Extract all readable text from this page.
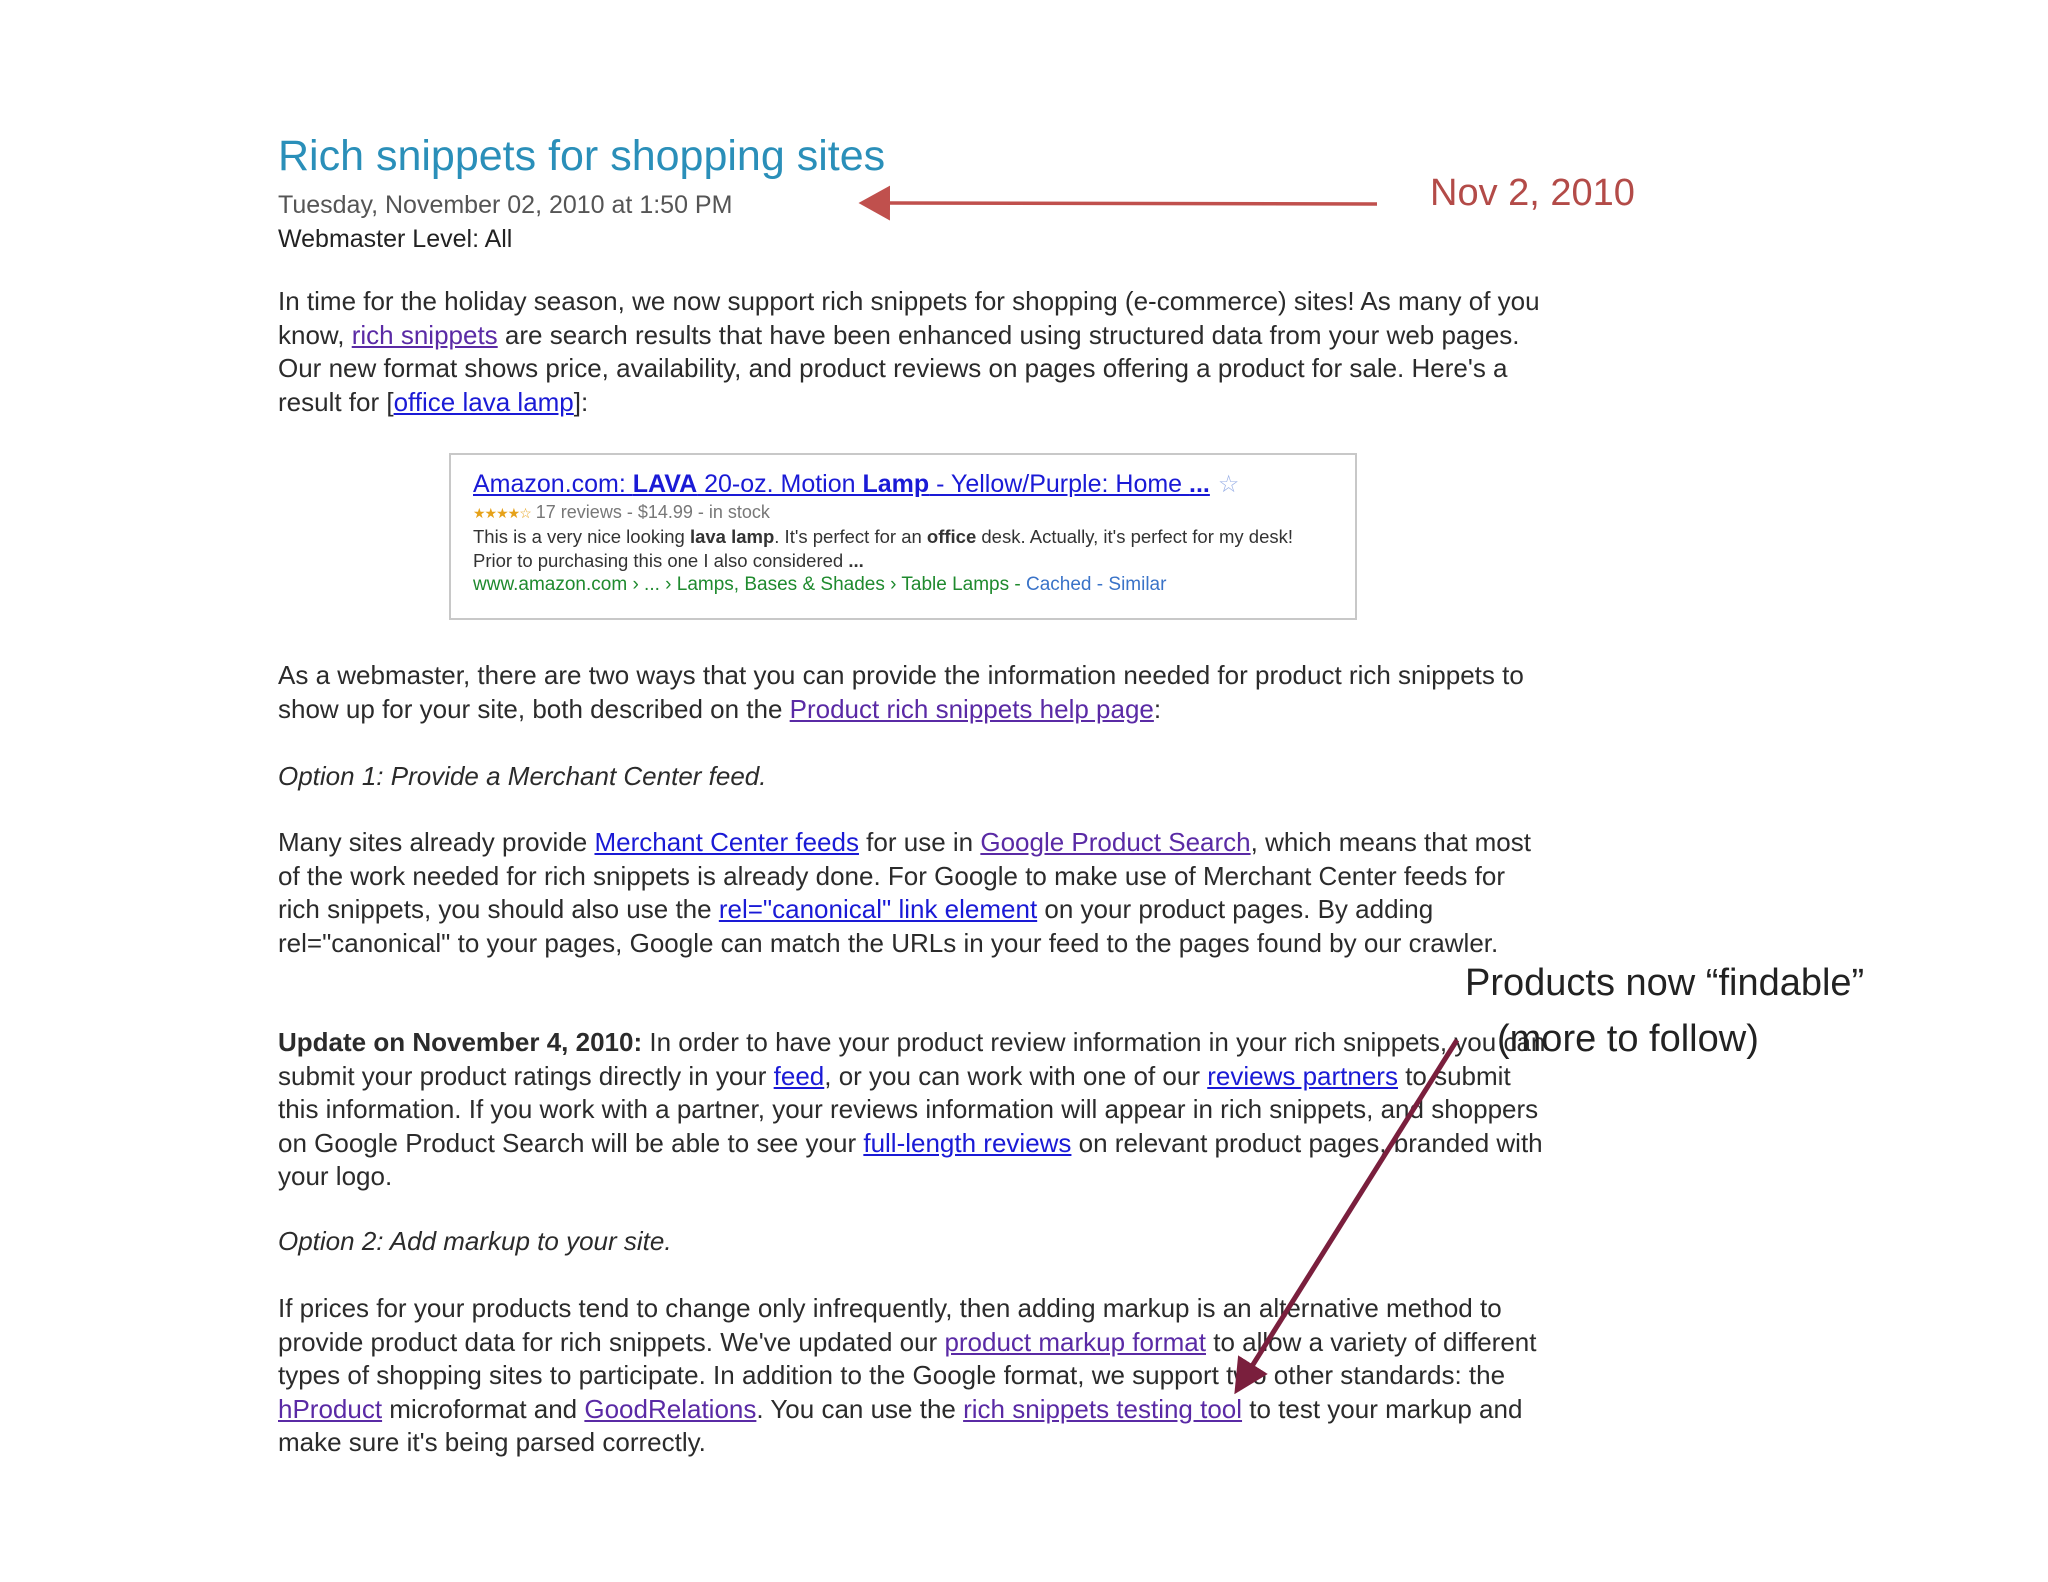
Rich snippets for shopping sites
Tuesday, November 02, 2010 at 1:50 PM
Webmaster Level: All
In time for the holiday season, we now support rich snippets for shopping (e-commerce) sites! As many of you know, rich snippets are search results that have been enhanced using structured data from your web pages. Our new format shows price, availability, and product reviews on pages offering a product for sale. Here's a result for [office lava lamp]:
Amazon.com: LAVA 20-oz. Motion Lamp - Yellow/Purple: Home ... ☆
★★★★☆ 17 reviews - $14.99 - in stock
This is a very nice looking lava lamp. It's perfect for an office desk. Actually, it's perfect for my desk! Prior to purchasing this one I also considered ...
www.amazon.com › ... › Lamps, Bases & Shades › Table Lamps - Cached - Similar
As a webmaster, there are two ways that you can provide the information needed for product rich snippets to show up for your site, both described on the Product rich snippets help page:
Option 1: Provide a Merchant Center feed.
Many sites already provide Merchant Center feeds for use in Google Product Search, which means that most of the work needed for rich snippets is already done. For Google to make use of Merchant Center feeds for rich snippets, you should also use the rel="canonical" link element on your product pages. By adding rel="canonical" to your pages, Google can match the URLs in your feed to the pages found by our crawler.
Update on November 4, 2010: In order to have your product review information in your rich snippets, you can submit your product ratings directly in your feed, or you can work with one of our reviews partners to submit this information. If you work with a partner, your reviews information will appear in rich snippets, and shoppers on Google Product Search will be able to see your full-length reviews on relevant product pages, branded with your logo.
Option 2: Add markup to your site.
If prices for your products tend to change only infrequently, then adding markup is an alternative method to provide product data for rich snippets. We've updated our product markup format to allow a variety of different types of shopping sites to participate. In addition to the Google format, we support two other standards: the hProduct microformat and GoodRelations. You can use the rich snippets testing tool to test your markup and make sure it's being parsed correctly.
Nov 2, 2010
Products now “findable”
(more to follow)
